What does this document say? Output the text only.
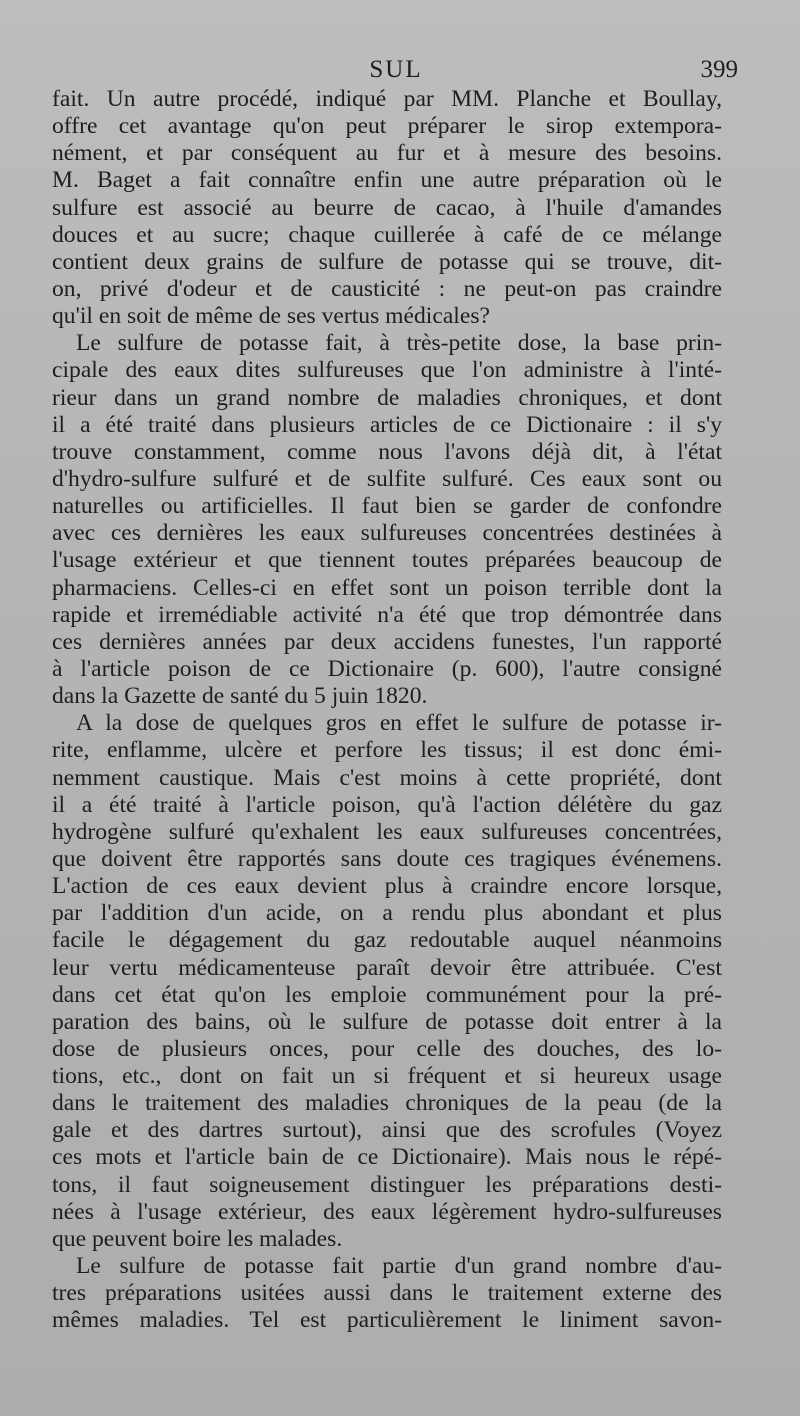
SUL	399
fait. Un autre procédé, indiqué par MM. Planche et Boullay,
offre cet avantage qu'on peut préparer le sirop extempora-
nément, et par conséquent au fur et à mesure des besoins.
M. Baget a fait connaître enfin une autre préparation où le
sulfure est associé au beurre de cacao, à l'huile d'amandes
douces et au sucre; chaque cuillerée à café de ce mélange
contient deux grains de sulfure de potasse qui se trouve, dit-
on, privé d'odeur et de causticité : ne peut-on pas craindre
qu'il en soit de même de ses vertus médicales?
Le sulfure de potasse fait, à très-petite dose, la base prin-
cipale des eaux dites sulfureuses que l'on administre à l'inté-
rieur dans un grand nombre de maladies chroniques, et dont
il a été traité dans plusieurs articles de ce Dictionaire : il s'y
trouve constamment, comme nous l'avons déjà dit, à l'état
d'hydro-sulfure sulfuré et de sulfite sulfuré. Ces eaux sont ou
naturelles ou artificielles. Il faut bien se garder de confondre
avec ces dernières les eaux sulfureuses concentrées destinées à
l'usage extérieur et que tiennent toutes préparées beaucoup de
pharmaciens. Celles-ci en effet sont un poison terrible dont la
rapide et irremédiable activité n'a été que trop démontrée dans
ces dernières années par deux accidens funestes, l'un rapporté
à l'article poison de ce Dictionaire (p. 600), l'autre consigné
dans la Gazette de santé du 5 juin 1820.
A la dose de quelques gros en effet le sulfure de potasse ir-
rite, enflamme, ulcère et perfore les tissus; il est donc émi-
nemment caustique. Mais c'est moins à cette propriété, dont
il a été traité à l'article poison, qu'à l'action délétère du gaz
hydrogène sulfuré qu'exhalent les eaux sulfureuses concentrées,
que doivent être rapportés sans doute ces tragiques événemens.
L'action de ces eaux devient plus à craindre encore lorsque,
par l'addition d'un acide, on a rendu plus abondant et plus
facile le dégagement du gaz redoutable auquel néanmoins
leur vertu médicamenteuse paraît devoir être attribuée. C'est
dans cet état qu'on les emploie communément pour la pré-
paration des bains, où le sulfure de potasse doit entrer à la
dose de plusieurs onces, pour celle des douches, des lo-
tions, etc., dont on fait un si fréquent et si heureux usage
dans le traitement des maladies chroniques de la peau (de la
gale et des dartres surtout), ainsi que des scrofules (Voyez
ces mots et l'article bain de ce Dictionaire). Mais nous le répé-
tons, il faut soigneusement distinguer les préparations desti-
nées à l'usage extérieur, des eaux légèrement hydro-sulfureuses
que peuvent boire les malades.
Le sulfure de potasse fait partie d'un grand nombre d'au-
tres préparations usitées aussi dans le traitement externe des
mêmes maladies. Tel est particulièrement le liniment savon-
